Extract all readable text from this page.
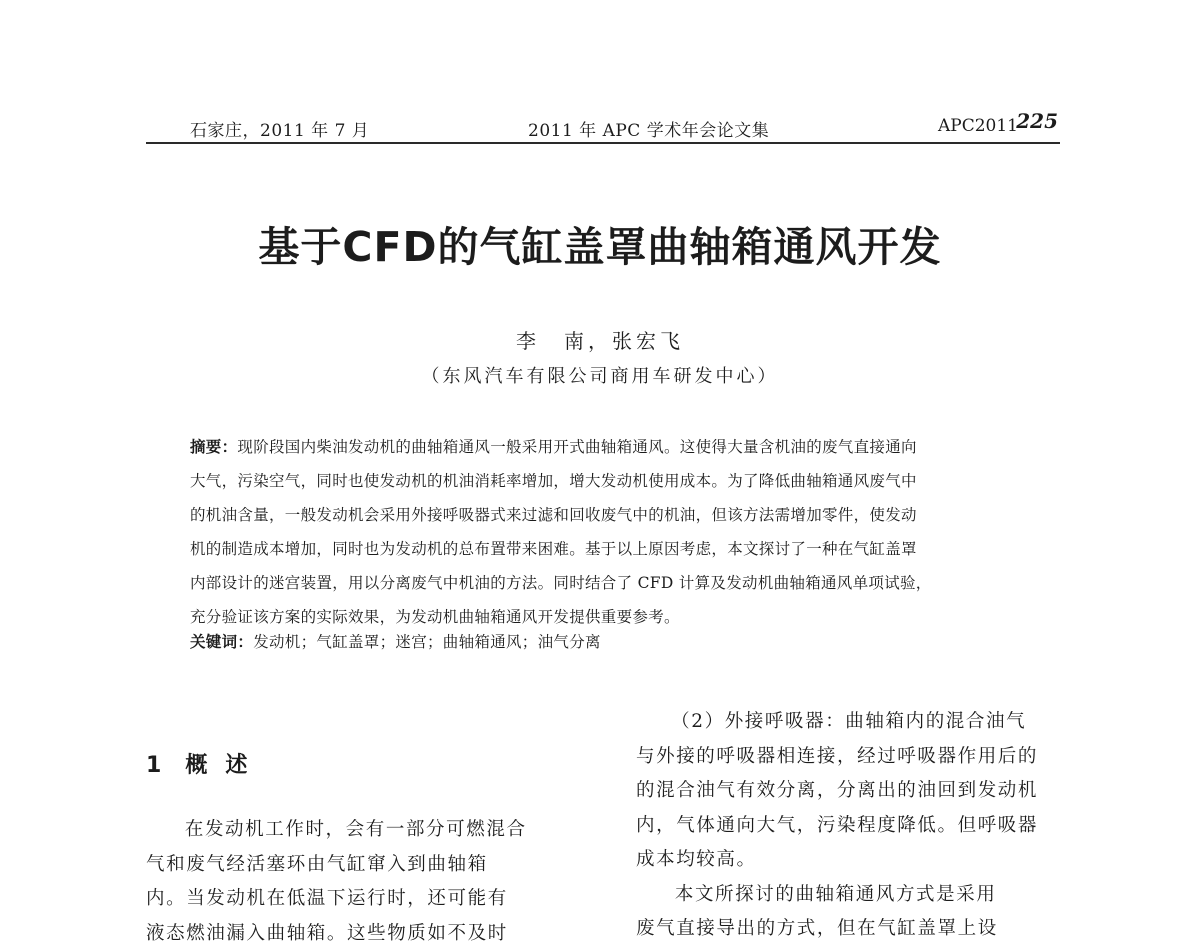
石家庄，2011 年 7 月	2011 年 APC 学术年会论文集	APC2011
225
基于CFD的气缸盖罩曲轴箱通风开发
李　南，张宏飞
（东风汽车有限公司商用车研发中心）
摘要：现阶段国内柴油发动机的曲轴箱通风一般采用开式曲轴箱通风。这使得大量含机油的废气直接通向
大气，污染空气，同时也使发动机的机油消耗率增加，增大发动机使用成本。为了降低曲轴箱通风废气中
的机油含量，一般发动机会采用外接呼吸器式来过滤和回收废气中的机油，但该方法需增加零件，使发动
机的制造成本增加，同时也为发动机的总布置带来困难。基于以上原因考虑，本文探讨了一种在气缸盖罩
内部设计的迷宫装置，用以分离废气中机油的方法。同时结合了 CFD 计算及发动机曲轴箱通风单项试验，
充分验证该方案的实际效果，为发动机曲轴箱通风开发提供重要参考。
关键词：发动机；气缸盖罩；迷宫；曲轴箱通风；油气分离
1 概述
在发动机工作时，会有一部分可燃混合
气和废气经活塞环由气缸窜入到曲轴箱
内。当发动机在低温下运行时，还可能有
液态燃油漏入曲轴箱。这些物质如不及时
（2）外接呼吸器：曲轴箱内的混合油气
与外接的呼吸器相连接，经过呼吸器作用后的
的混合油气有效分离，分离出的油回到发动机
内，气体通向大气，污染程度降低。但呼吸器
成本均较高。
本文所探讨的曲轴箱通风方式是采用
废气直接导出的方式，但在气缸盖罩上设
